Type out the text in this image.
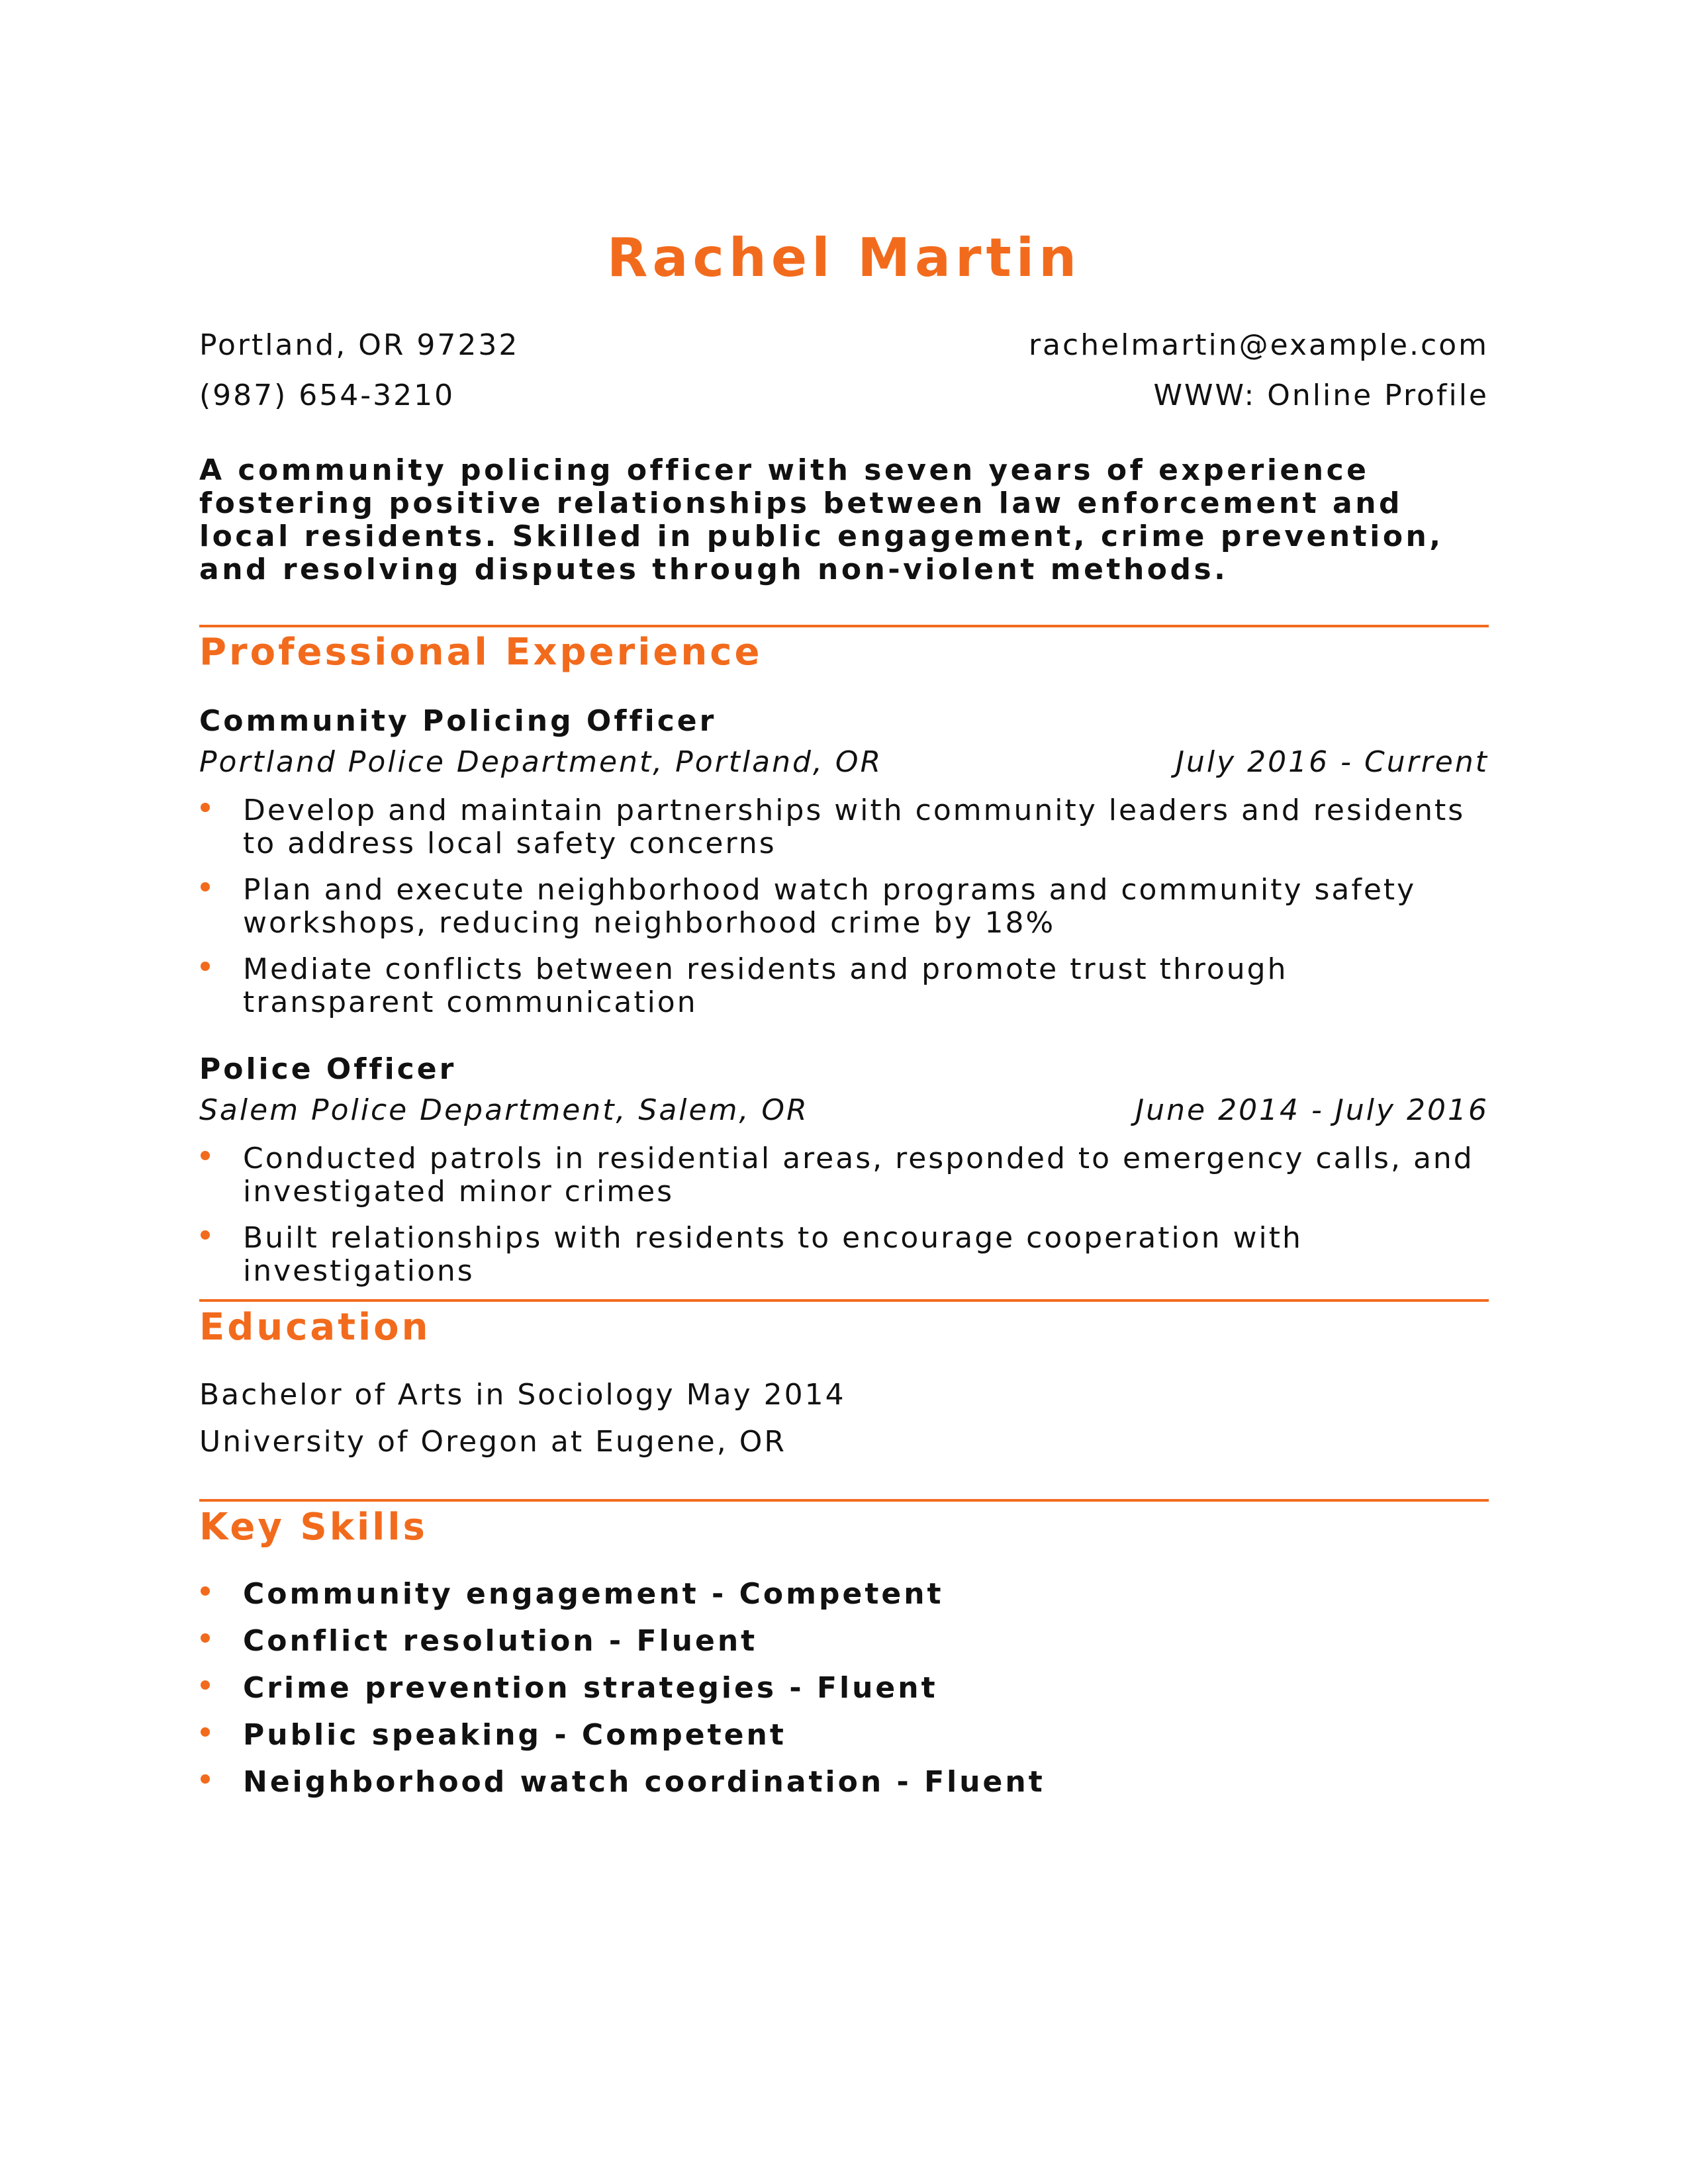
Rachel Martin
Portland, OR 97232	rachelmartin@example.com
(987) 654-3210	WWW: Online Profile
A community policing officer with seven years of experience fostering positive relationships between law enforcement and local residents. Skilled in public engagement, crime prevention, and resolving disputes through non-violent methods.
Professional Experience
Community Policing Officer
Portland Police Department, Portland, OR	July 2016 - Current
Develop and maintain partnerships with community leaders and residents to address local safety concerns
Plan and execute neighborhood watch programs and community safety workshops, reducing neighborhood crime by 18%
Mediate conflicts between residents and promote trust through transparent communication
Police Officer
Salem Police Department, Salem, OR	June 2014 - July 2016
Conducted patrols in residential areas, responded to emergency calls, and investigated minor crimes
Built relationships with residents to encourage cooperation with investigations
Education
Bachelor of Arts in Sociology May 2014
University of Oregon at Eugene, OR
Key Skills
Community engagement - Competent
Conflict resolution - Fluent
Crime prevention strategies - Fluent
Public speaking - Competent
Neighborhood watch coordination - Fluent
